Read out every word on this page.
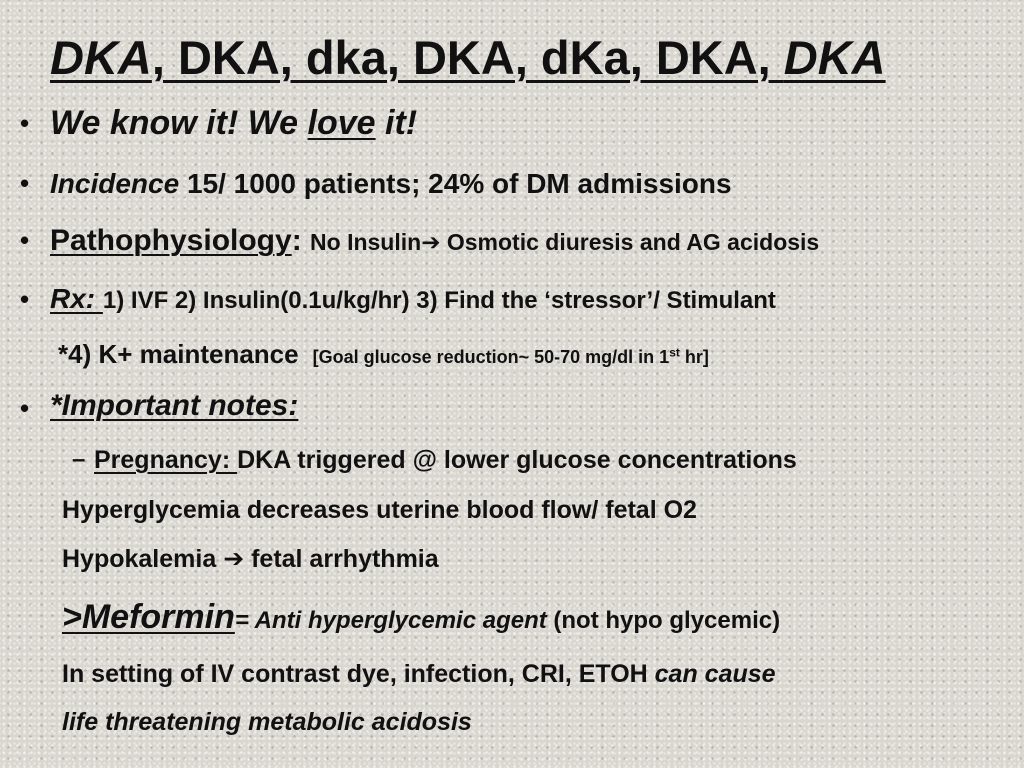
DKA, DKA, dka, DKA, dKa, DKA, DKA
• We know it! We love it!
• Incidence 15/ 1000 patients; 24% of DM admissions
• Pathophysiology: No Insulin➔ Osmotic diuresis and AG acidosis
• Rx: 1) IVF 2) Insulin(0.1u/kg/hr) 3) Find the ‘stressor’/ Stimulant
*4) K+ maintenance [Goal glucose reduction~ 50-70 mg/dl in 1st hr]
• *Important notes:
– Pregnancy: DKA triggered @ lower glucose concentrations
Hyperglycemia decreases uterine blood flow/ fetal O2
Hypokalemia ➔ fetal arrhythmia
>Meformin= Anti hyperglycemic agent (not hypo glycemic)
In setting of IV contrast dye, infection, CRI, ETOH can cause
life threatening metabolic acidosis
